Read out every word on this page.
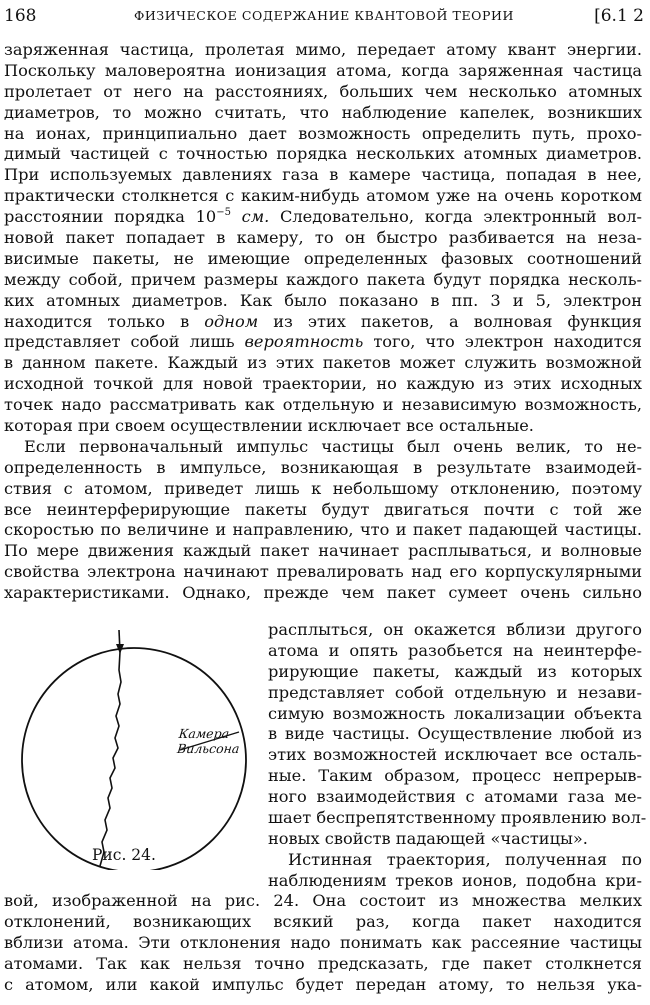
168	ФИЗИЧЕСКОЕ СОДЕРЖАНИЕ КВАНТОВОЙ ТЕОРИИ	[6.1 2
заряженная частица, пролетая мимо, передает атому квант энергии.
Поскольку маловероятна ионизация атома, когда заряженная частица
пролетает от него на расстояниях, больших чем несколько атомных
диаметров, то можно считать, что наблюдение капелек, возникших
на ионах, принципиально дает возможность определить путь, прохо-
димый частицей с точностью порядка нескольких атомных диаметров.
При используемых давлениях газа в камере частица, попадая в нее,
практически столкнется с каким-нибудь атомом уже на очень коротком
расстоянии порядка $10^{-5}$ см. Следовательно, когда электронный вол-
новой пакет попадает в камеру, то он быстро разбивается на неза-
висимые пакеты, не имеющие определенных фазовых соотношений
между собой, причем размеры каждого пакета будут порядка несколь-
ких атомных диаметров. Как было показано в пп. 3 и 5, электрон
находится только в одном из этих пакетов, а волновая функция
представляет собой лишь вероятность того, что электрон находится
в данном пакете. Каждый из этих пакетов может служить возможной
исходной точкой для новой траектории, но каждую из этих исходных
точек надо рассматривать как отдельную и независимую возможность,
которая при своем осуществлении исключает все остальные.
Если первоначальный импульс частицы был очень велик, то не-
определенность в импульсе, возникающая в результате взаимодей-
ствия с атомом, приведет лишь к небольшому отклонению, поэтому
все неинтерферирующие пакеты будут двигаться почти с той же
скоростью по величине и направлению, что и пакет падающей частицы.
По мере движения каждый пакет начинает расплываться, и волновые
свойства электрона начинают превалировать над его корпускулярными
характеристиками. Однако, прежде чем пакет сумеет очень сильно
расплыться, он окажется вблизи другого
атома и опять разобьется на неинтерфе-
рирующие пакеты, каждый из которых
представляет собой отдельную и незави-
симую возможность локализации объекта
в виде частицы. Осуществление любой из
этих возможностей исключает все осталь-
ные. Таким образом, процесс непрерыв-
ного взаимодействия с атомами газа ме-
шает беспрепятственному проявлению вол-
новых свойств падающей «частицы».
Истинная траектория, полученная по
наблюдениям треков ионов, подобна кри-
Камера
Вильсона
Рис. 24.
вой, изображенной на рис. 24. Она состоит из множества мелких
отклонений, возникающих всякий раз, когда пакет находится
вблизи атома. Эти отклонения надо понимать как рассеяние частицы
атомами. Так как нельзя точно предсказать, где пакет столкнется
с атомом, или какой импульс будет передан атому, то нельзя ука-
